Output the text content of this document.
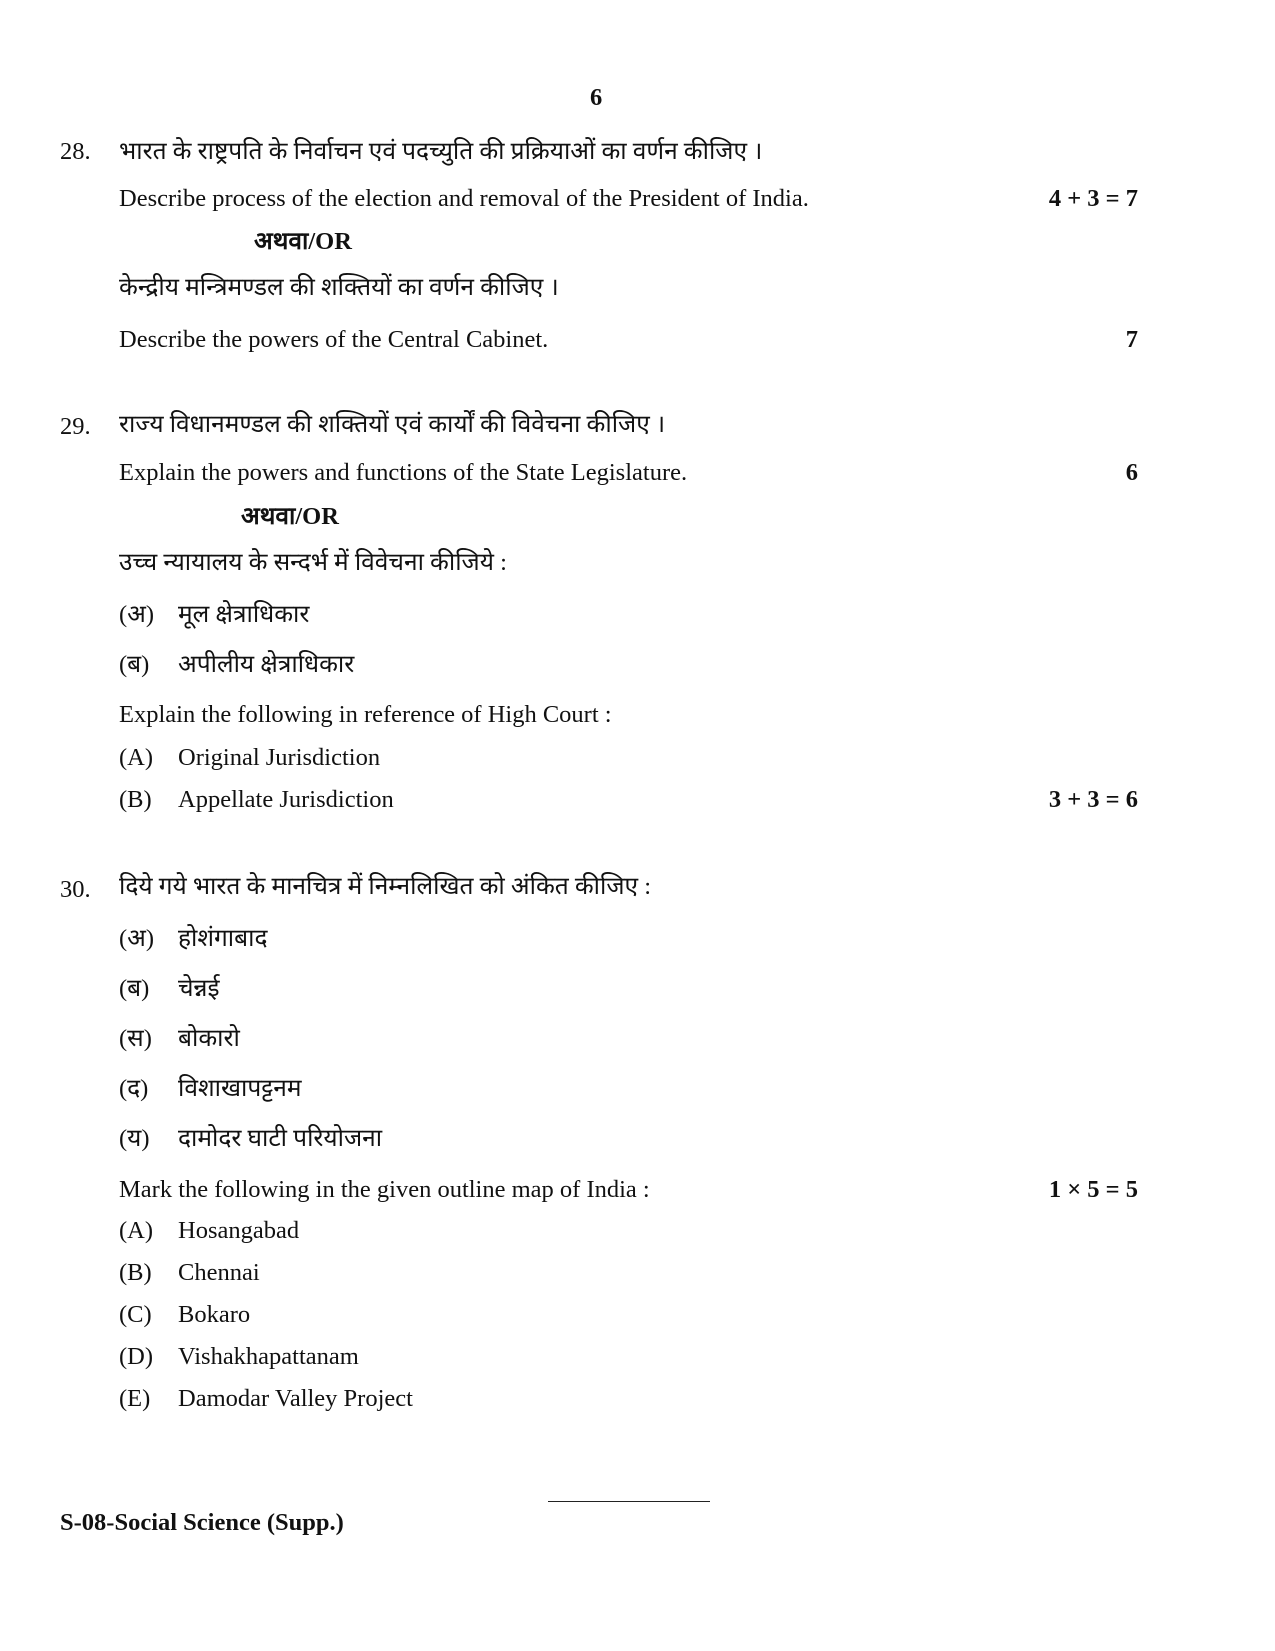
6
28. भारत के राष्ट्रपति के निर्वाचन एवं पदच्युति की प्रक्रियाओं का वर्णन कीजिए ।
Describe process of the election and removal of the President of India.	4 + 3 = 7
अथवा/OR
केन्द्रीय मन्त्रिमण्डल की शक्तियों का वर्णन कीजिए ।
Describe the powers of the Central Cabinet.	7
29. राज्य विधानमण्डल की शक्तियों एवं कार्यों की विवेचना कीजिए ।
Explain the powers and functions of the State Legislature.	6
अथवा/OR
उच्च न्यायालय के सन्दर्भ में विवेचना कीजिये :
(अ) मूल क्षेत्राधिकार
(ब) अपीलीय क्षेत्राधिकार
Explain the following in reference of High Court :
(A) Original Jurisdiction
(B) Appellate Jurisdiction	3 + 3 = 6
30. दिये गये भारत के मानचित्र में निम्नलिखित को अंकित कीजिए :
(अ) होशंगाबाद
(ब) चेन्नई
(स) बोकारो
(द) विशाखापट्टनम
(य) दामोदर घाटी परियोजना
Mark the following in the given outline map of India :	1 × 5 = 5
(A) Hosangabad
(B) Chennai
(C) Bokaro
(D) Vishakhapattanam
(E) Damodar Valley Project
S-08-Social Science (Supp.)
